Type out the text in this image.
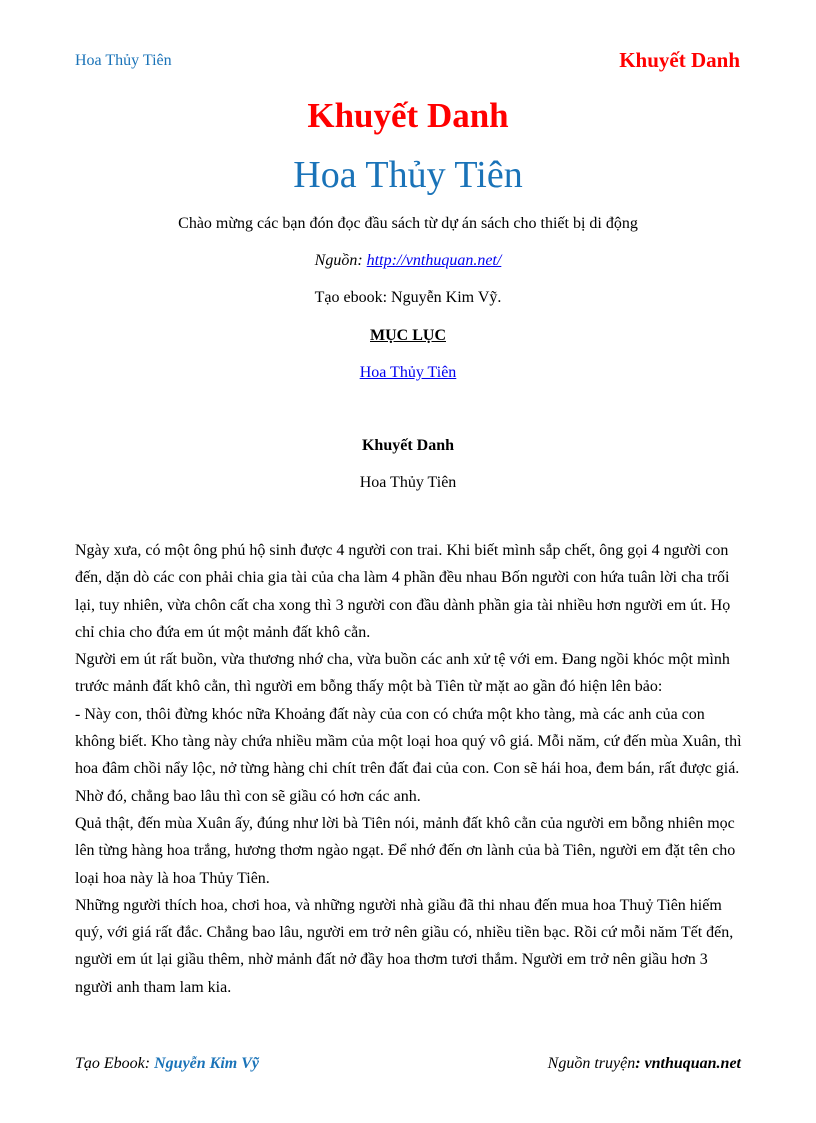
Hoa Thủy Tiên	Khuyết Danh
Khuyết Danh
Hoa Thủy Tiên
Chào mừng các bạn đón đọc đầu sách từ dự án sách cho thiết bị di động
Nguồn: http://vnthuquan.net/
Tạo ebook: Nguyễn Kim Vỹ.
MỤC LỤC
Hoa Thủy Tiên
Khuyết Danh
Hoa Thủy Tiên

Ngày xưa, có một ông phú hộ sinh được 4 người con trai. Khi biết mình sắp chết, ông gọi 4 người con đến, dặn dò các con phải chia gia tài của cha làm 4 phần đều nhau Bốn người con hứa tuân lời cha trối lại, tuy nhiên, vừa chôn cất cha xong thì 3 người con đầu dành phần gia tài nhiều hơn người em út. Họ chỉ chia cho đứa em út một mảnh đất khô cằn.

Người em út rất buồn, vừa thương nhớ cha, vừa buồn các anh xử tệ với em. Đang ngồi khóc một mình trước mảnh đất khô cằn, thì người em bỗng thấy một bà Tiên từ mặt ao gần đó hiện lên bảo:

- Này con, thôi đừng khóc nữa Khoảng đất này của con có chứa một kho tàng, mà các anh của con không biết. Kho tàng này chứa nhiều mầm của một loại hoa quý vô giá. Mỗi năm, cứ đến mùa Xuân, thì hoa đâm chồi nẩy lộc, nở từng hàng chi chít trên đất đai của con. Con sẽ hái hoa, đem bán, rất được giá. Nhờ đó, chẳng bao lâu thì con sẽ giầu có hơn các anh.

Quả thật, đến mùa Xuân ấy, đúng như lời bà Tiên nói, mảnh đất khô cằn của người em bỗng nhiên mọc lên từng hàng hoa trắng, hương thơm ngào ngạt. Để nhớ đến ơn lành của bà Tiên, người em đặt tên cho loại hoa này là hoa Thủy Tiên.

Những người thích hoa, chơi hoa, và những người nhà giầu đã thi nhau đến mua hoa Thuỷ Tiên hiếm quý, với giá rất đắc. Chẳng bao lâu, người em trở nên giầu có, nhiều tiền bạc. Rồi cứ mỗi năm Tết đến, người em út lại giầu thêm, nhờ mảnh đất nở đầy hoa thơm tươi thắm. Người em trở nên giầu hơn 3 người anh tham lam kia.

Tạo Ebook: Nguyễn Kim Vỹ	Nguồn truyện: vnthuquan.net
